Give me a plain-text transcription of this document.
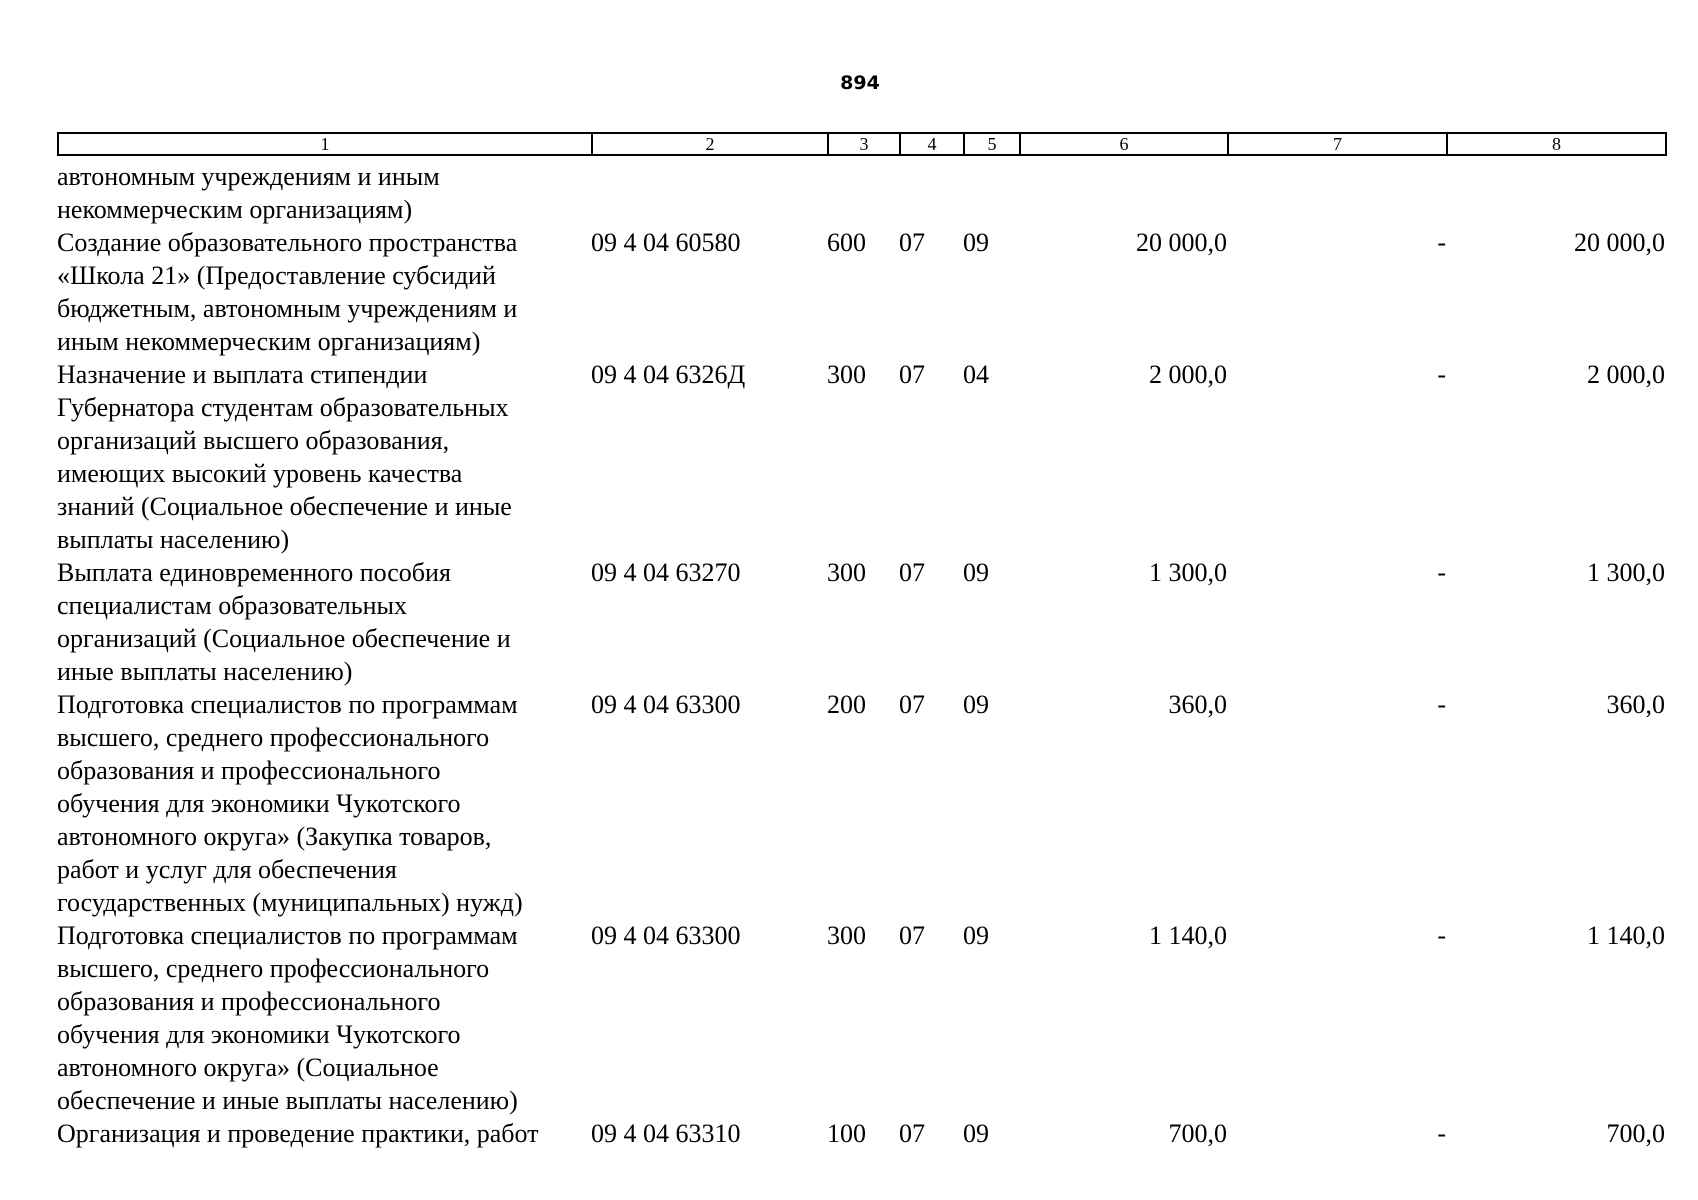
894
1	2	3	4	5	6	7	8
автономным учреждениям и иным
некоммерческим организациям)
Создание образовательного пространства
«Школа 21» (Предоставление субсидий
бюджетным, автономным учреждениям и
иным некоммерческим организациям)
09 4 04 60580	600	07	09	20 000,0	-	20 000,0
Назначение и выплата стипендии
Губернатора студентам образовательных
организаций высшего образования,
имеющих высокий уровень качества
знаний (Социальное обеспечение и иные
выплаты населению)
09 4 04 6326Д	300	07	04	2 000,0	-	2 000,0
Выплата единовременного пособия
специалистам образовательных
организаций (Социальное обеспечение и
иные выплаты населению)
09 4 04 63270	300	07	09	1 300,0	-	1 300,0
Подготовка специалистов по программам
высшего, среднего профессионального
образования и профессионального
обучения для экономики Чукотского
автономного округа» (Закупка товаров,
работ и услуг для обеспечения
государственных (муниципальных) нужд)
09 4 04 63300	200	07	09	360,0	-	360,0
Подготовка специалистов по программам
высшего, среднего профессионального
образования и профессионального
обучения для экономики Чукотского
автономного округа» (Социальное
обеспечение и иные выплаты населению)
09 4 04 63300	300	07	09	1 140,0	-	1 140,0
Организация и проведение практики, работ	09 4 04 63310	100	07	09	700,0	-	700,0
